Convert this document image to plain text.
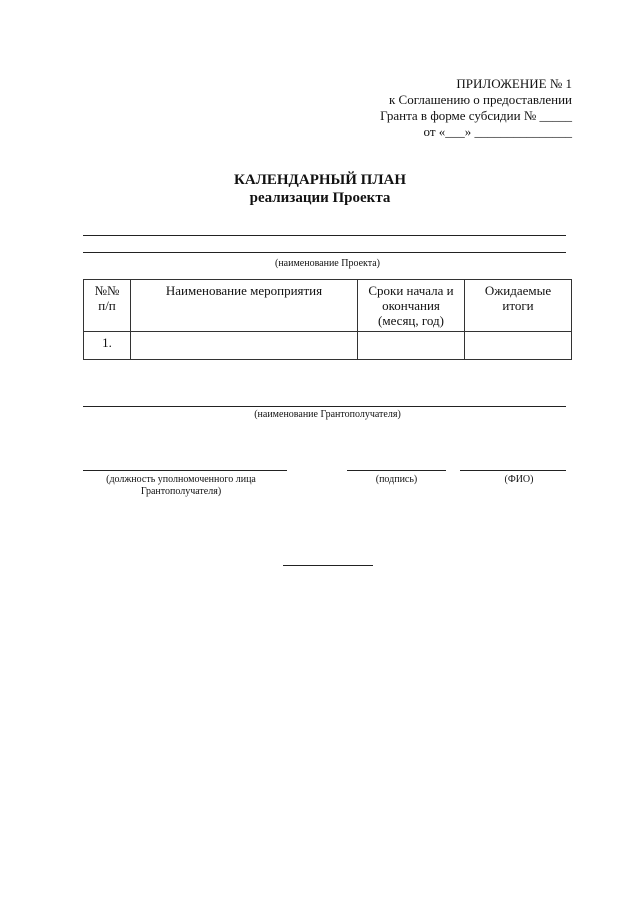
ПРИЛОЖЕНИЕ № 1
к Соглашению о предоставлении
Гранта в форме субсидии № _____
от «___» _______________
КАЛЕНДАРНЫЙ ПЛАН
реализации Проекта
(наименование Проекта)
№№ п/п	Наименование мероприятия	Сроки начала и окончания (месяц, год)	Ожидаемые итоги
1.			
(наименование Грантополучателя)
(должность уполномоченного лица Грантополучателя)
(подпись)	(ФИО)
